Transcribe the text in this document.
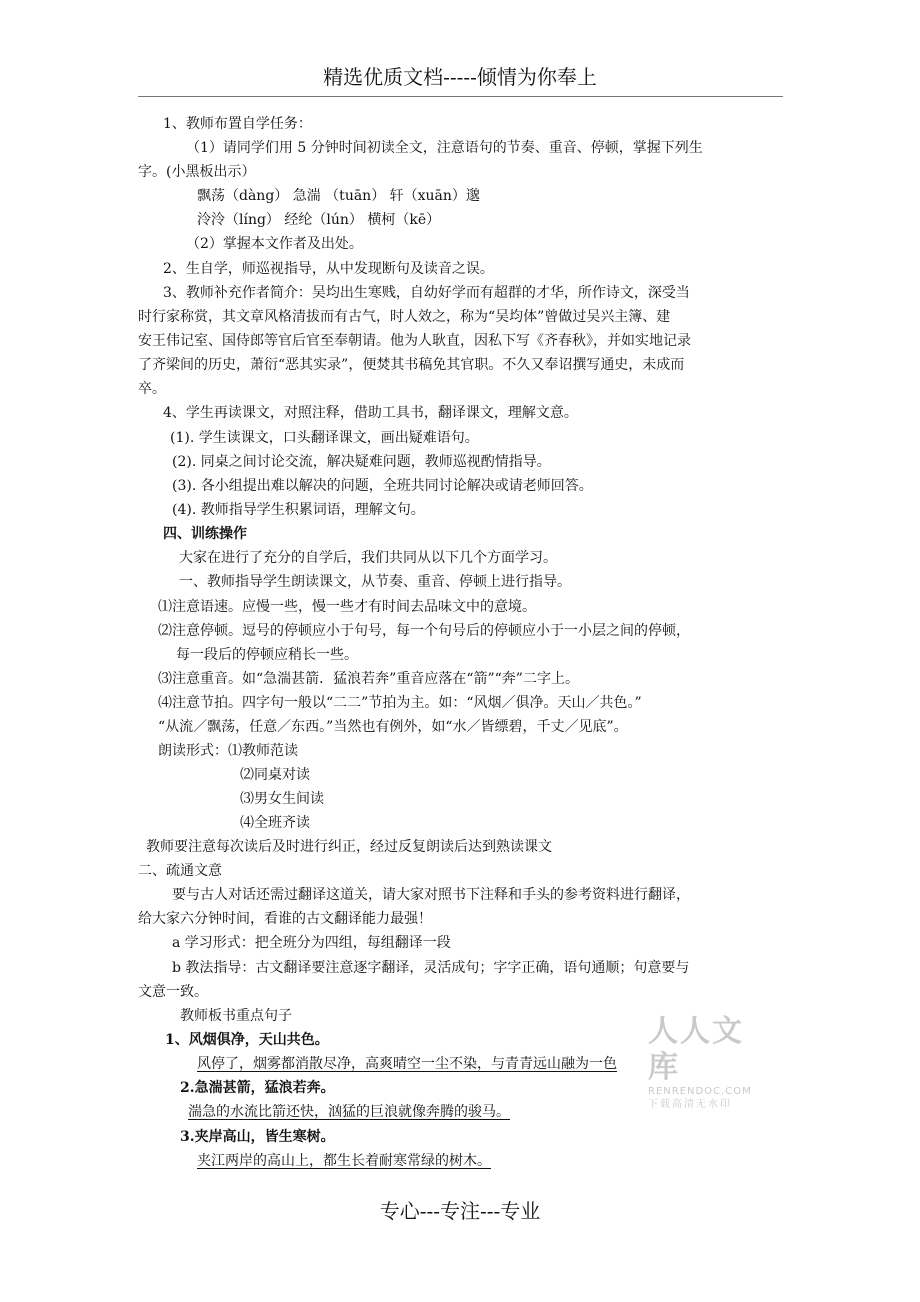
精选优质文档-----倾情为你奉上
1、教师布置自学任务：
（1）请同学们用 5 分钟时间初读全文，注意语句的节奏、重音、停顿，掌握下列生
字。(小黑板出示）
飘荡（dàng） 急湍 （tuān） 轩（xuān）邈
泠泠（líng） 经纶（lún） 横柯（kē）
（2）掌握本文作者及出处。
2、生自学，师巡视指导，从中发现断句及读音之误。
3、教师补充作者简介：吴均出生寒贱，自幼好学而有超群的才华，所作诗文，深受当
时行家称赏，其文章风格清拔而有古气，时人效之，称为“吴均体”曾做过吴兴主簿、建
安王伟记室、国侍郎等官后官至奉朝请。他为人耿直，因私下写《齐春秋》，并如实地记录
了齐梁间的历史，萧衍“恶其实录”，便焚其书稿免其官职。不久又奉诏撰写通史，未成而
卒。
4、学生再读课文，对照注释，借助工具书，翻译课文，理解文意。
(1). 学生读课文，口头翻译课文，画出疑难语句。
(2). 同桌之间讨论交流，解决疑难问题，教师巡视酌情指导。
(3). 各小组提出难以解决的问题，全班共同讨论解决或请老师回答。
(4). 教师指导学生积累词语，理解文句。
四、训练操作
大家在进行了充分的自学后，我们共同从以下几个方面学习。
一、教师指导学生朗读课文，从节奏、重音、停顿上进行指导。
⑴注意语速。应慢一些，慢一些才有时间去品味文中的意境。
⑵注意停顿。逗号的停顿应小于句号，每一个句号后的停顿应小于一小层之间的停顿，
每一段后的停顿应稍长一些。
⑶注意重音。如“急湍甚箭．猛浪若奔”重音应落在“箭”“奔”二字上。
⑷注意节拍。四字句一般以“二二”节拍为主。如：“风烟／俱净。天山／共色。”
“从流／飘荡，任意／东西。”当然也有例外，如“水／皆缥碧，千丈／见底”。
朗读形式：⑴教师范读
⑵同桌对读
⑶男女生间读
⑷全班齐读
教师要注意每次读后及时进行纠正，经过反复朗读后达到熟读课文
二、疏通文意
要与古人对话还需过翻译这道关，请大家对照书下注释和手头的参考资料进行翻译，
给大家六分钟时间，看谁的古文翻译能力最强！
a 学习形式：把全班分为四组，每组翻译一段
b 教法指导：古文翻译要注意逐字翻译，灵活成句；字字正确，语句通顺；句意要与
文意一致。
教师板书重点句子
1、风烟俱净，天山共色。
风停了，烟雾都消散尽净，高爽晴空一尘不染，与青青远山融为一色
2.急湍甚箭，猛浪若奔。
湍急的水流比箭还快，汹猛的巨浪就像奔腾的骏马。
3.夹岸高山，皆生寒树。
夹江两岸的高山上，都生长着耐寒常绿的树木。
人人文库
RENRENDOC.COM
下载高清无水印
专心---专注---专业
